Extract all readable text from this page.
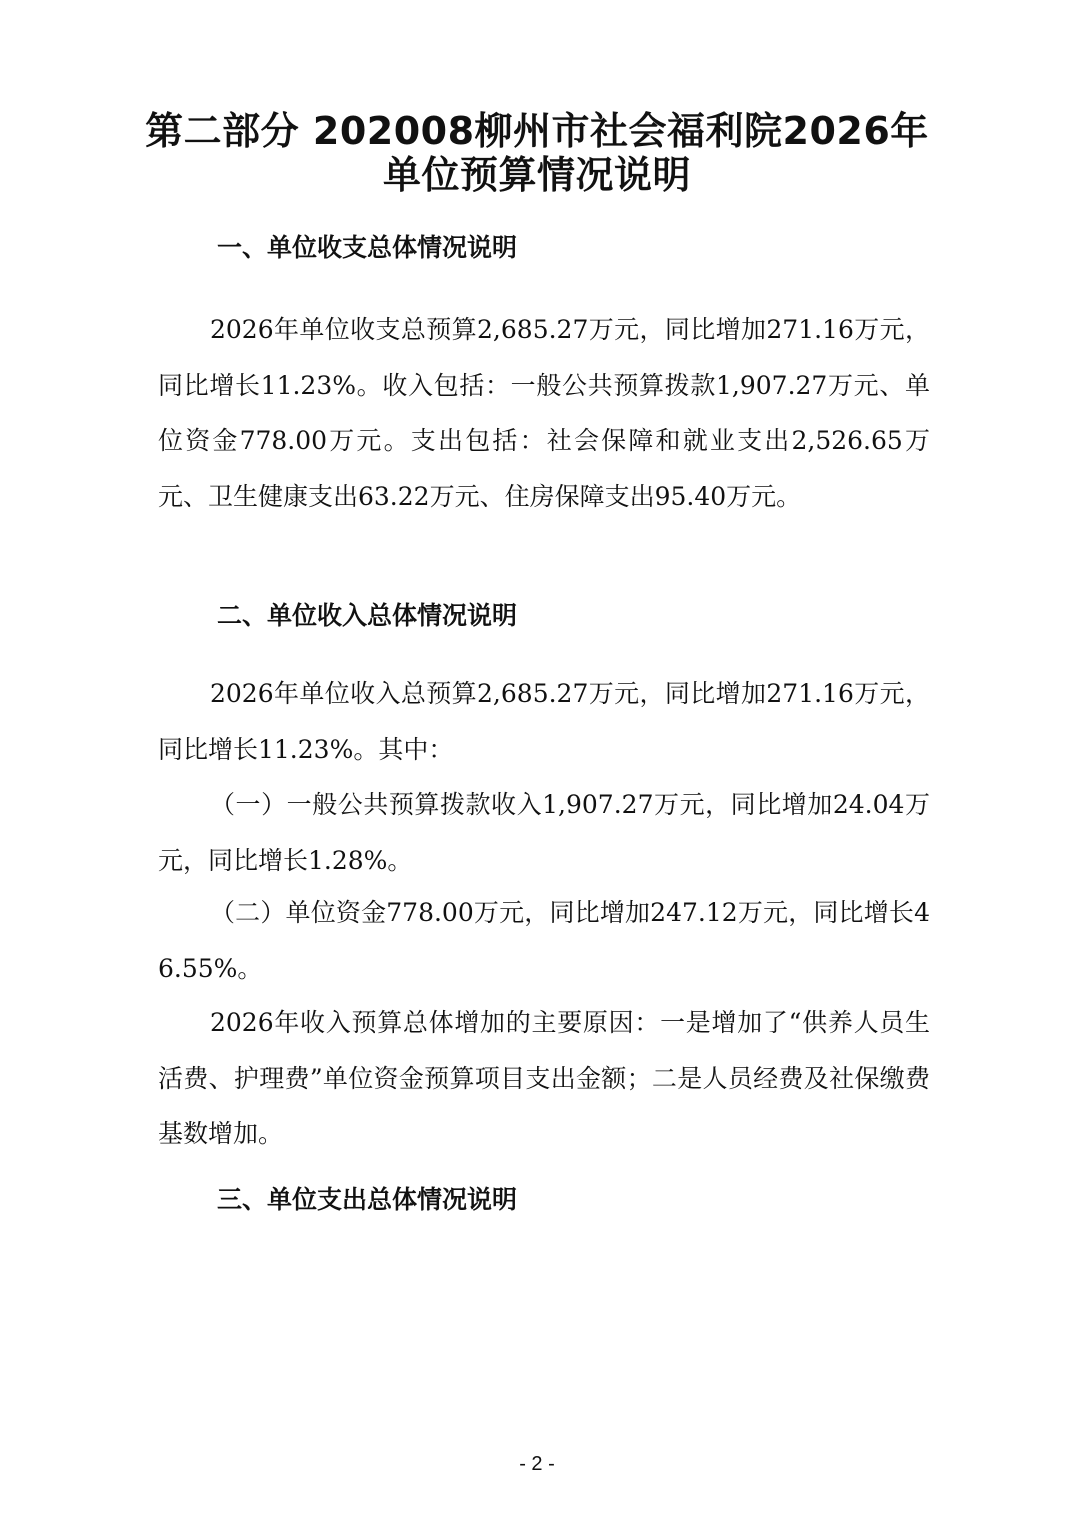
第二部分 202008柳州市社会福利院2026年
单位预算情况说明
一、单位收支总体情况说明

2026年单位收支总预算2,685.27万元，同比增加271.16万元，同比增长11.23%。收入包括：一般公共预算拨款1,907.27万元、单位资金778.00万元。支出包括：社会保障和就业支出2,526.65万元、卫生健康支出63.22万元、住房保障支出95.40万元。

二、单位收入总体情况说明

2026年单位收入总预算2,685.27万元，同比增加271.16万元，同比增长11.23%。其中：

（一）一般公共预算拨款收入1,907.27万元，同比增加24.04万元，同比增长1.28%。

（二）单位资金778.00万元，同比增加247.12万元，同比增长46.55%。

2026年收入预算总体增加的主要原因：一是增加了“供养人员生活费、护理费”单位资金预算项目支出金额；二是人员经费及社保缴费基数增加。

三、单位支出总体情况说明
- 2 -
